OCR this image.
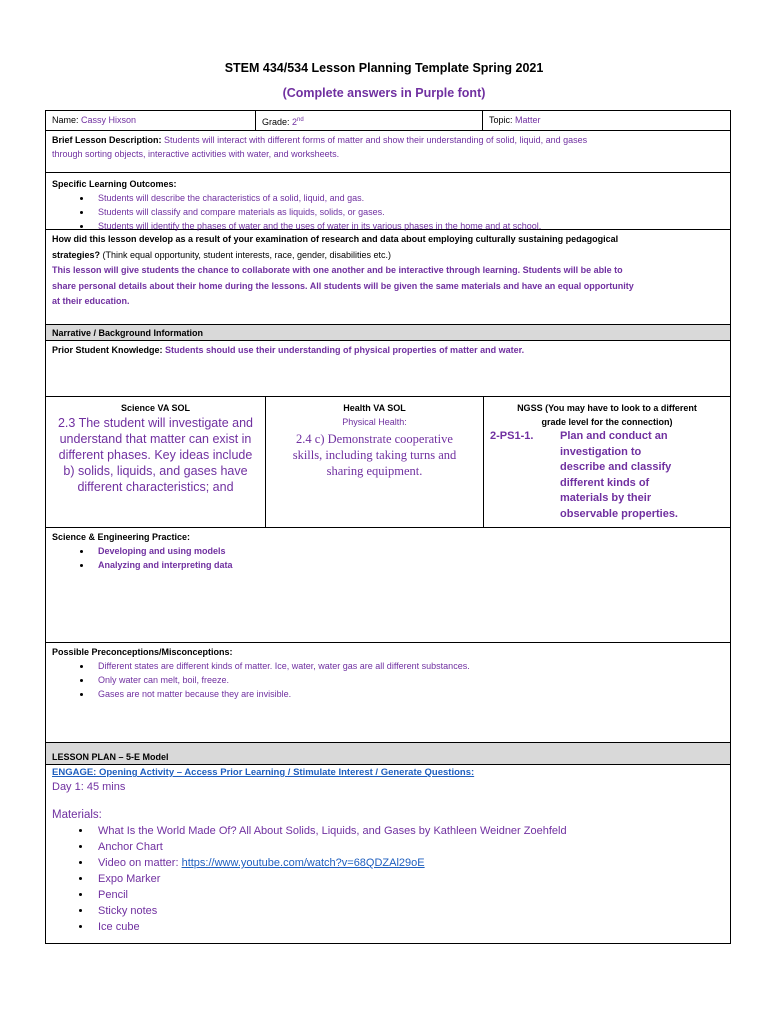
STEM 434/534 Lesson Planning Template Spring 2021
(Complete answers in Purple font)
Name: Cassy Hixson	Grade: 2nd	Topic: Matter
Brief Lesson Description: Students will interact with different forms of matter and show their understanding of solid, liquid, and gases
through sorting objects, interactive activities with water, and worksheets.
Specific Learning Outcomes:
• Students will describe the characteristics of a solid, liquid, and gas.
• Students will classify and compare materials as liquids, solids, or gases.
• Students will identify the phases of water and the uses of water in its various phases in the home and at school.
How did this lesson develop as a result of your examination of research and data about employing culturally sustaining pedagogical
strategies? (Think equal opportunity, student interests, race, gender, disabilities etc.)
This lesson will give students the chance to collaborate with one another and be interactive through learning. Students will be able to
share personal details about their home during the lessons. All students will be given the same materials and have an equal opportunity
at their education.
Narrative / Background Information
Prior Student Knowledge: Students should use their understanding of physical properties of matter and water.
Science VA SOL
2.3 The student will investigate and
understand that matter can exist in
different phases. Key ideas include
b) solids, liquids, and gases have
different characteristics; and
Health VA SOL
Physical Health:
2.4 c) Demonstrate cooperative
skills, including taking turns and
sharing equipment.
NGSS (You may have to look to a different
grade level for the connection)
2-PS1-1.	Plan and conduct an
investigation to
describe and classify
different kinds of
materials by their
observable properties.
Science & Engineering Practice:
• Developing and using models
• Analyzing and interpreting data
Possible Preconceptions/Misconceptions:
• Different states are different kinds of matter. Ice, water, water gas are all different substances.
• Only water can melt, boil, freeze.
• Gases are not matter because they are invisible.
LESSON PLAN – 5-E Model
ENGAGE: Opening Activity – Access Prior Learning / Stimulate Interest / Generate Questions:
Day 1: 45 mins
Materials:
• What Is the World Made Of? All About Solids, Liquids, and Gases by Kathleen Weidner Zoehfeld
• Anchor Chart
• Video on matter: https://www.youtube.com/watch?v=68QDZAl29oE
• Expo Marker
• Pencil
• Sticky notes
• Ice cube
